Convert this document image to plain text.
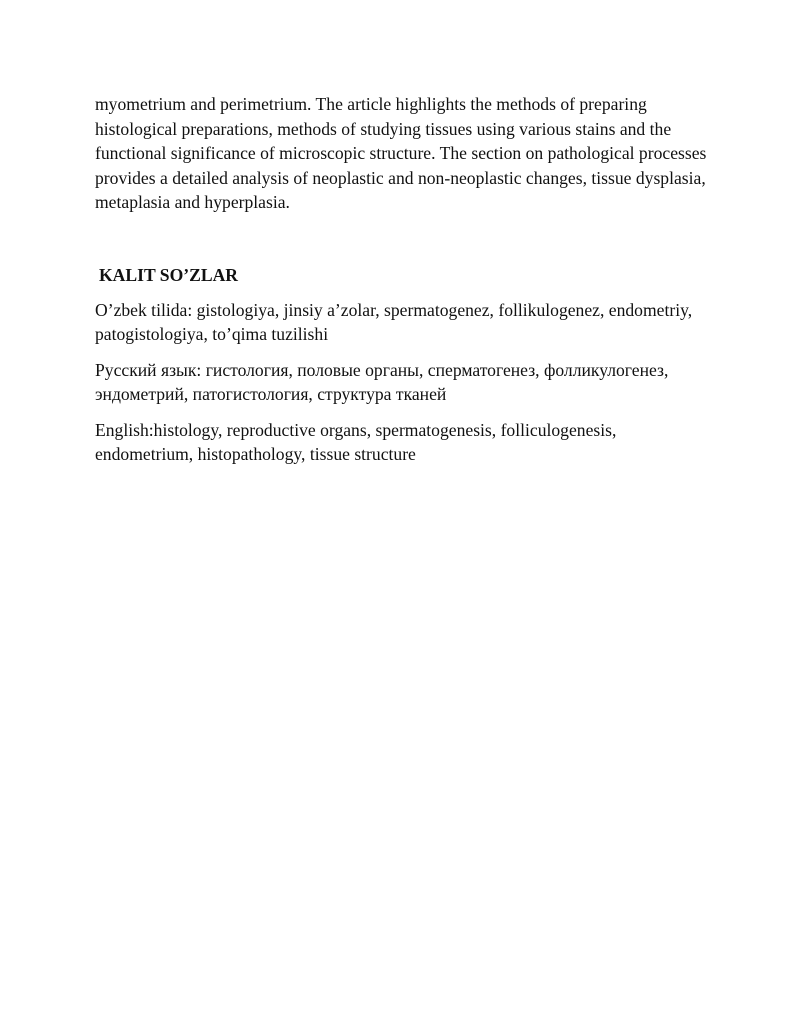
myometrium and perimetrium. The article highlights the methods of preparing histological preparations, methods of studying tissues using various stains and the functional significance of microscopic structure. The section on pathological processes provides a detailed analysis of neoplastic and non-neoplastic changes, tissue dysplasia, metaplasia and hyperplasia.

KALIT SO’ZLAR

O’zbek tilida: gistologiya, jinsiy a’zolar, spermatogenez, follikulogenez, endometriy, patogistologiya, to’qima tuzilishi

Русский язык: гистология, половые органы, сперматогенез, фолликулогенез, эндометрий, патогистология, структура тканей

English:histology, reproductive organs, spermatogenesis, folliculogenesis, endometrium, histopathology, tissue structure
